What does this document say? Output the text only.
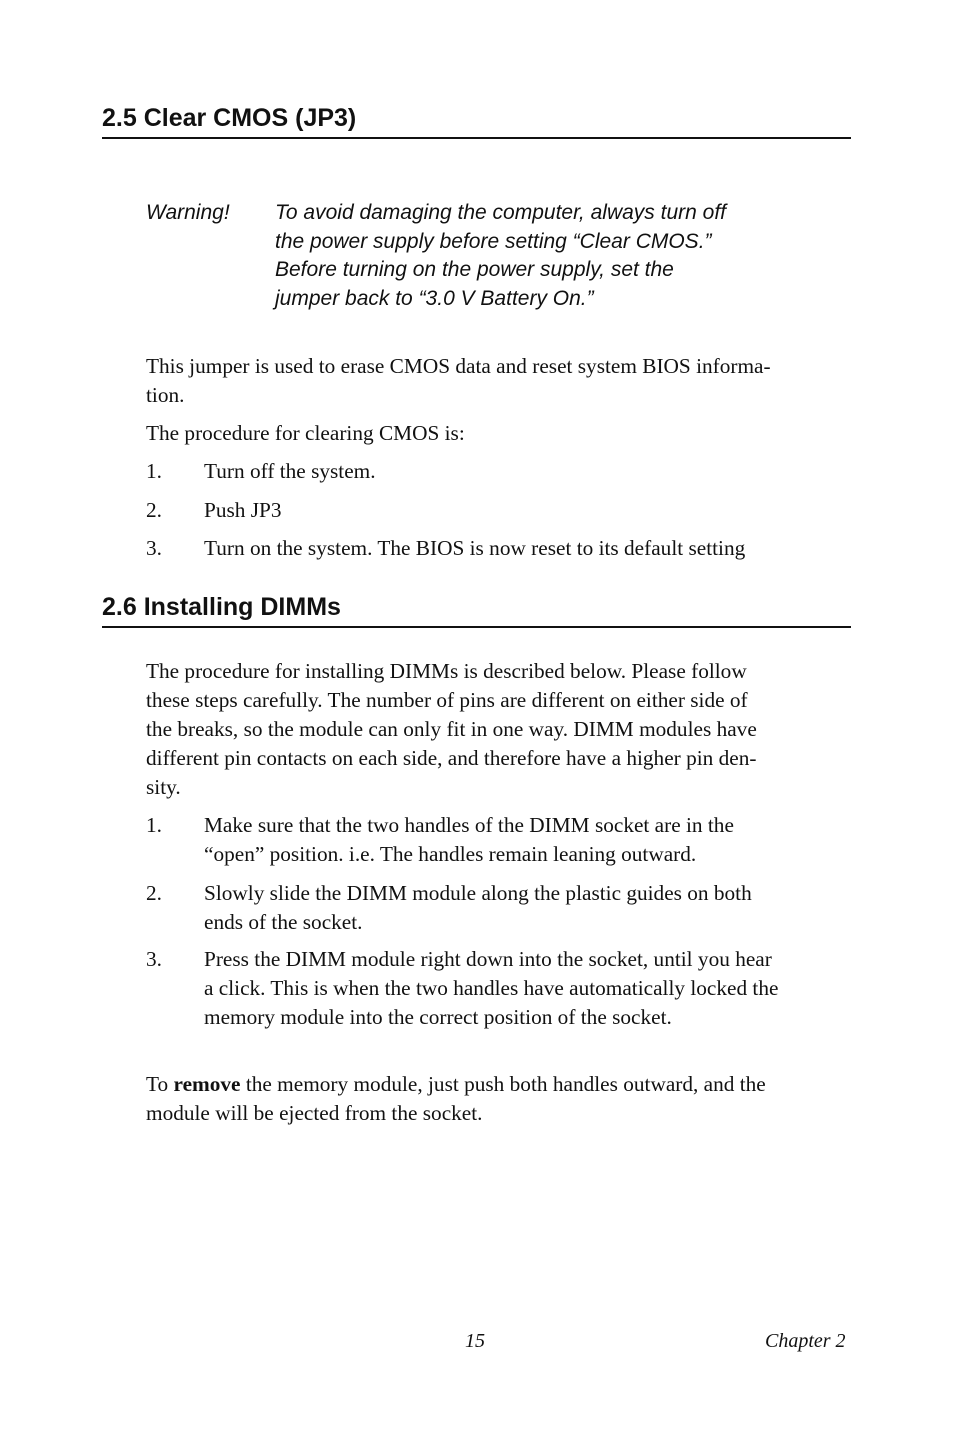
2.5 Clear CMOS (JP3)
Warning! To avoid damaging the computer, always turn off
the power supply before setting “Clear CMOS.”
Before turning on the power supply, set the
jumper back to “3.0 V Battery On.”
This jumper is used to erase CMOS data and reset system BIOS informa-
tion.
The procedure for clearing CMOS is:
1. Turn off the system.
2. Push JP3
3. Turn on the system. The BIOS is now reset to its default setting
2.6 Installing DIMMs
The procedure for installing DIMMs is described below. Please follow
these steps carefully. The number of pins are different on either side of
the breaks, so the module can only fit in one way. DIMM modules have
different pin contacts on each side, and therefore have a higher pin den-
sity.
1. Make sure that the two handles of the DIMM socket are in the
“open” position. i.e. The handles remain leaning outward.
2. Slowly slide the DIMM module along the plastic guides on both
ends of the socket.
3. Press the DIMM module right down into the socket, until you hear
a click. This is when the two handles have automatically locked the
memory module into the correct position of the socket.
To remove the memory module, just push both handles outward, and the
module will be ejected from the socket.
15	Chapter 2
